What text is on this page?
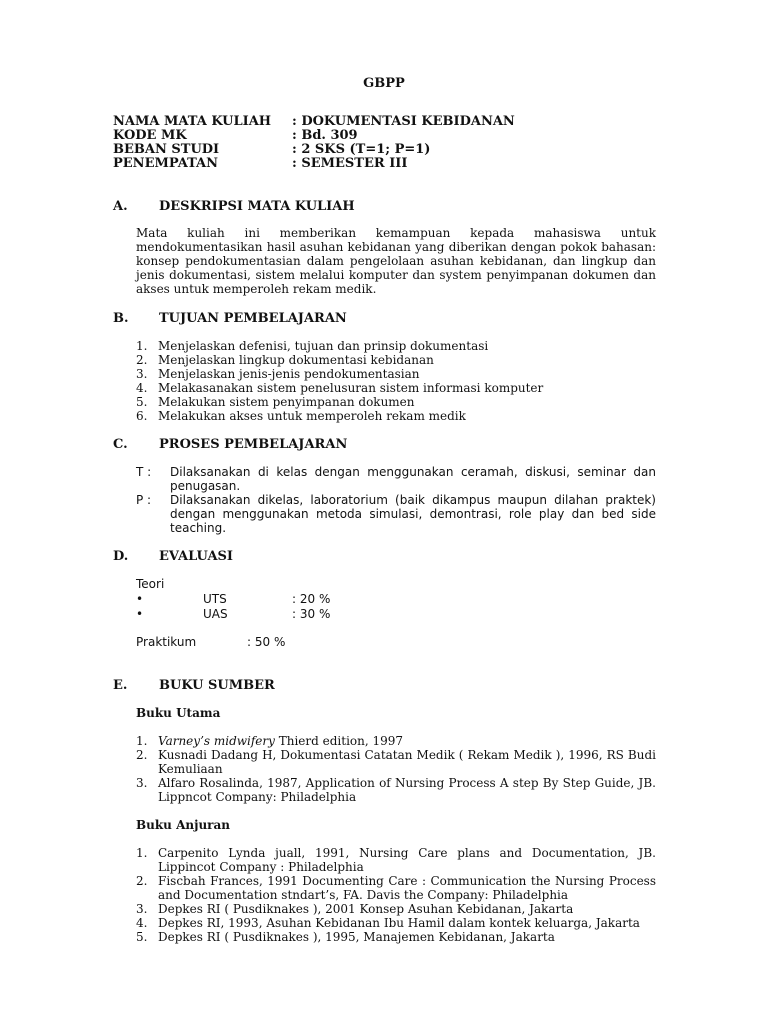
GBPP
NAMA MATA KULIAH : DOKUMENTASI KEBIDANAN
KODE MK	: Bd. 309
BEBAN STUDI	: 2 SKS (T=1; P=1)
PENEMPATAN	: SEMESTER III
A. DESKRIPSI MATA KULIAH
Mata kuliah ini memberikan kemampuan kepada mahasiswa untuk mendokumentasikan hasil asuhan kebidanan yang diberikan dengan pokok bahasan: konsep pendokumentasian dalam pengelolaan asuhan kebidanan, dan lingkup dan jenis dokumentasi, sistem melalui komputer dan system penyimpanan dokumen dan akses untuk memperoleh rekam medik.
B. TUJUAN PEMBELAJARAN
1. Menjelaskan defenisi, tujuan dan prinsip dokumentasi
2. Menjelaskan lingkup dokumentasi kebidanan
3. Menjelaskan jenis-jenis pendokumentasian
4. Melakasanakan sistem penelusuran sistem informasi komputer
5. Melakukan sistem penyimpanan dokumen
6. Melakukan akses untuk memperoleh rekam medik
C. PROSES PEMBELAJARAN
T : Dilaksanakan di kelas dengan menggunakan ceramah, diskusi, seminar dan penugasan.
P : Dilaksanakan dikelas, laboratorium (baik dikampus maupun dilahan praktek) dengan menggunakan metoda simulasi, demontrasi, role play dan bed side teaching.
D. EVALUASI
Teori
•	UTS	: 20 %
•	UAS	: 30 %
Praktikum	: 50 %
E. BUKU SUMBER
Buku Utama
1. Varney’s midwifery Thierd edition, 1997
2. Kusnadi Dadang H, Dokumentasi Catatan Medik ( Rekam Medik ), 1996, RS Budi Kemuliaan
3. Alfaro Rosalinda, 1987, Application of Nursing Process A step By Step Guide, JB. Lippncot Company: Philadelphia
Buku Anjuran
1. Carpenito Lynda juall, 1991, Nursing Care plans and Documentation, JB. Lippincot Company : Philadelphia
2. Fiscbah Frances, 1991 Documenting Care : Communication the Nursing Process and Documentation stndart’s, FA. Davis the Company: Philadelphia
3. Depkes RI ( Pusdiknakes ), 2001 Konsep Asuhan Kebidanan, Jakarta
4. Depkes RI, 1993, Asuhan Kebidanan Ibu Hamil dalam kontek keluarga, Jakarta
5. Depkes RI ( Pusdiknakes ), 1995, Manajemen Kebidanan, Jakarta
